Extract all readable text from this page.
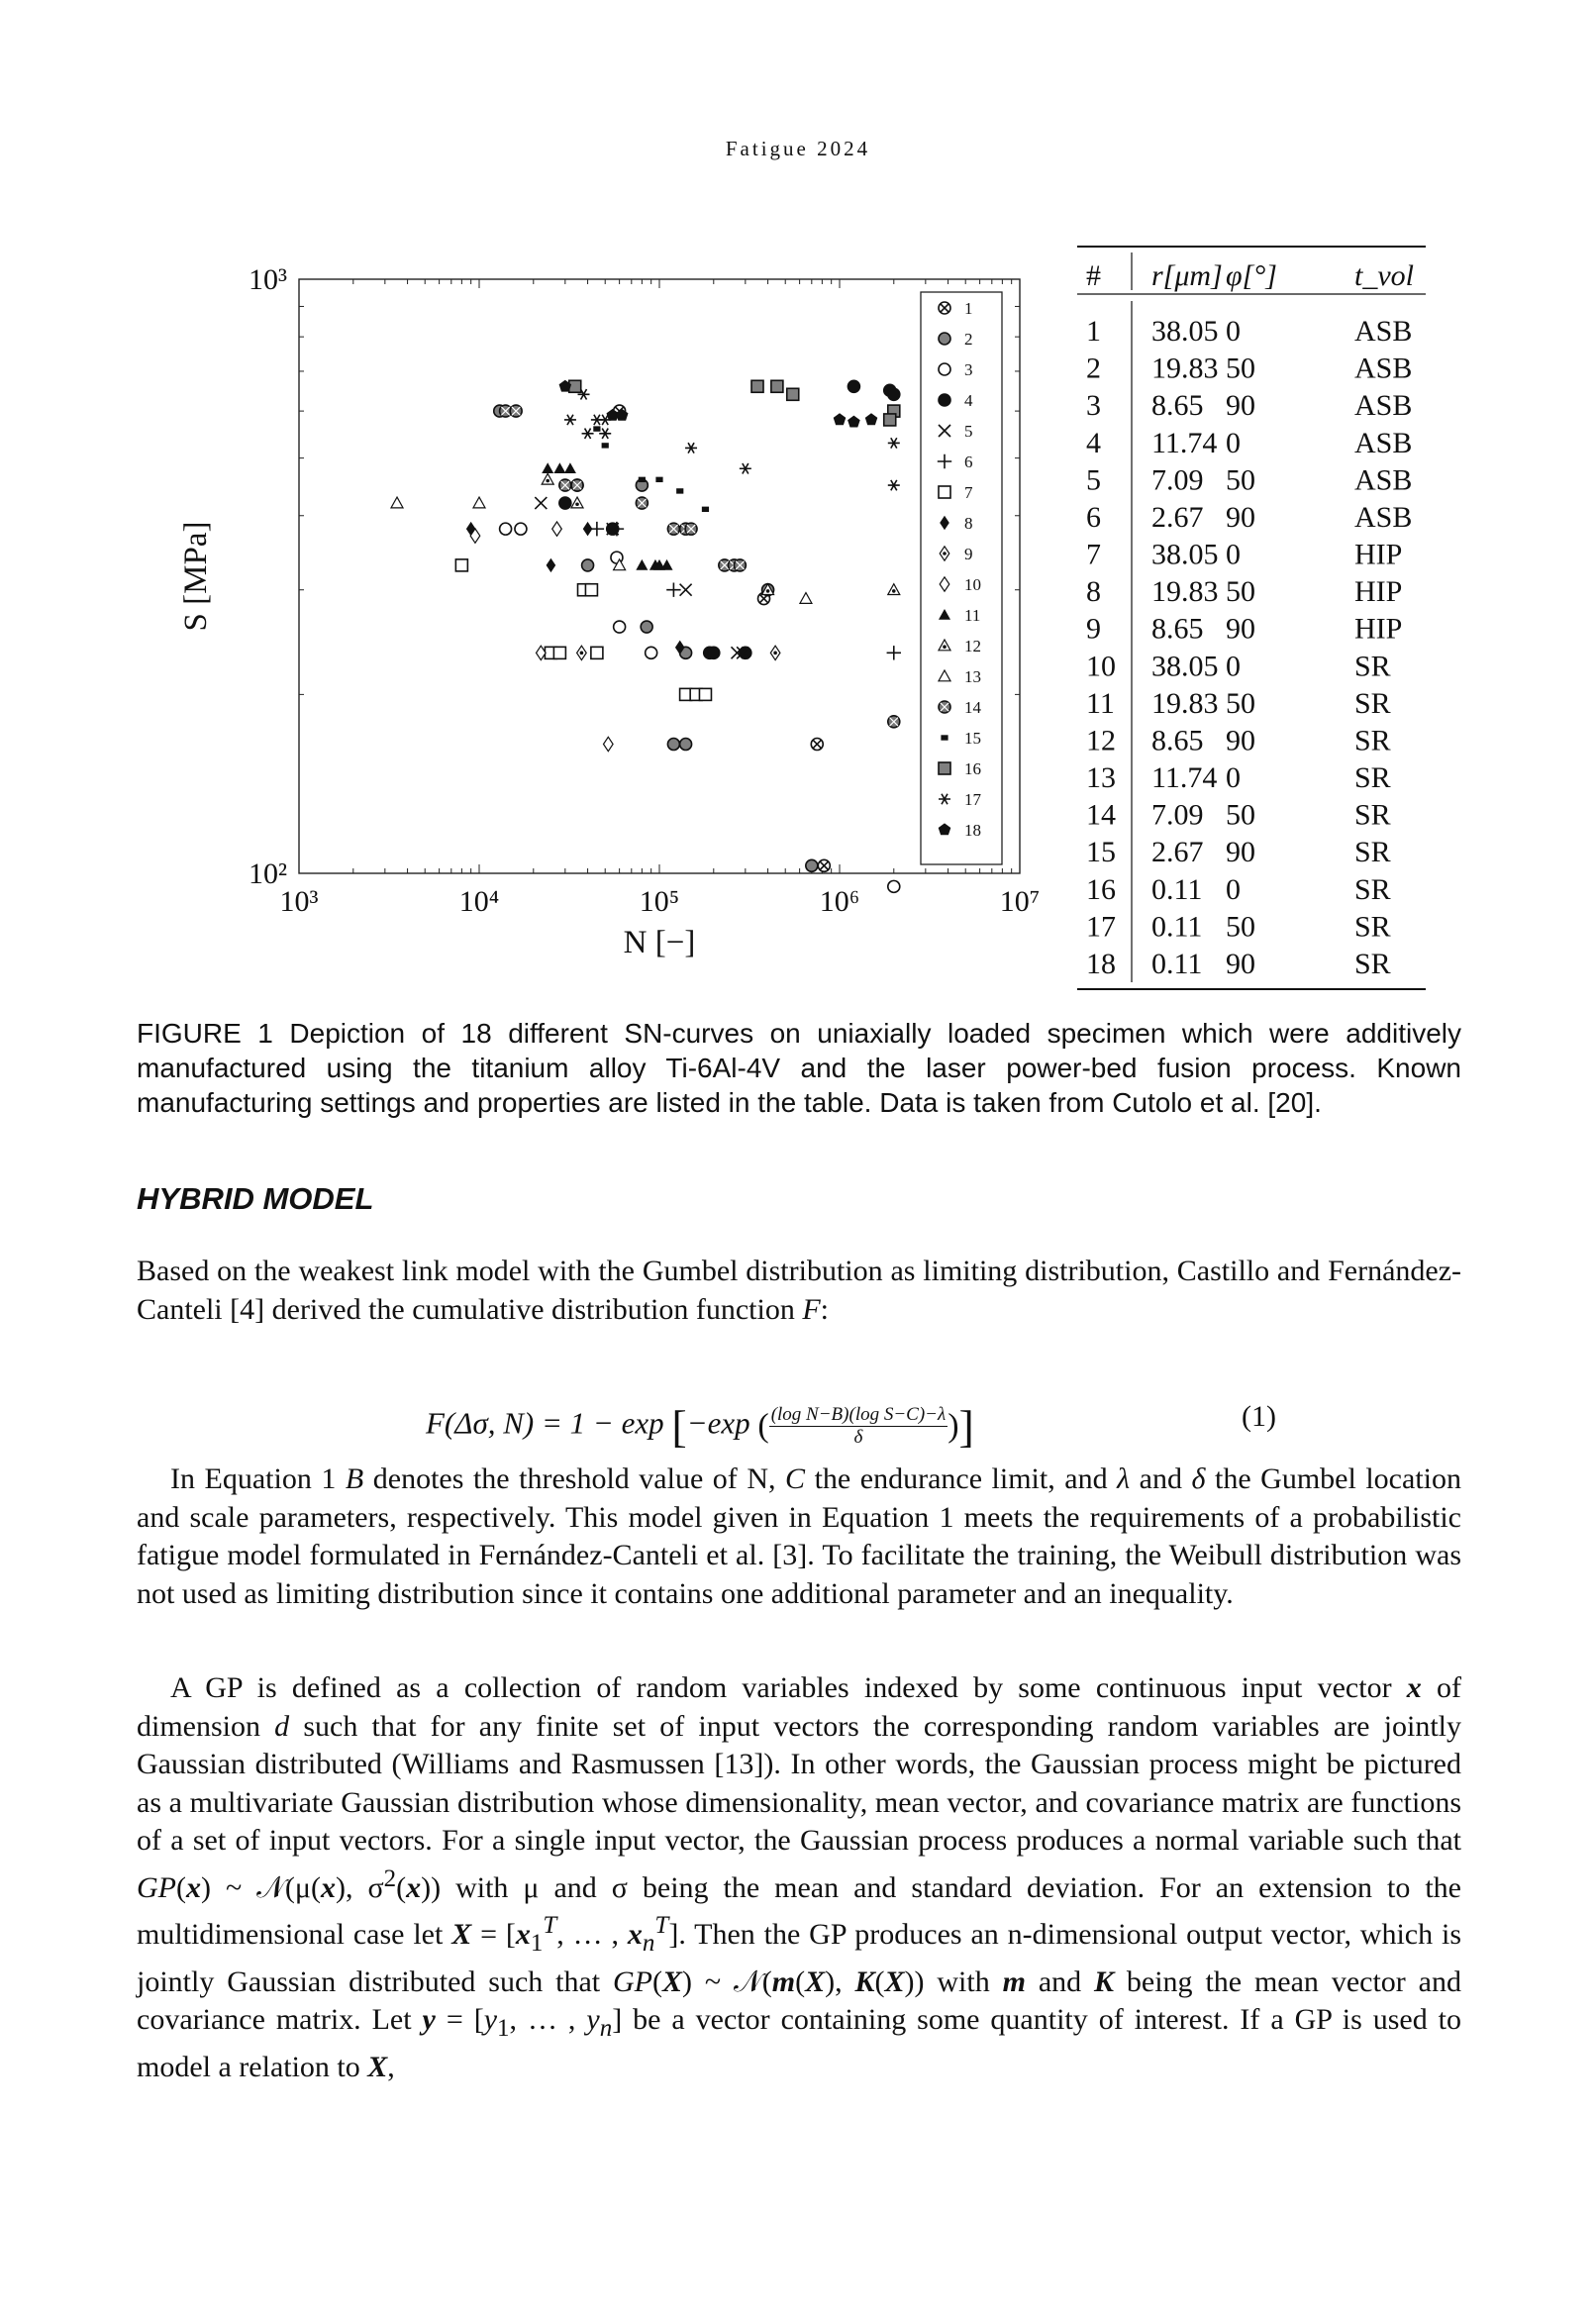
Fatigue 2024
10³	10⁴	10⁵	10⁶	10⁷
10³
10²
N [−]
S [MPa]
1
2
3
4
5
6
7
8
9
10
11
12
13
14
15
16
17
18
# r[μm] φ[°]	t_vol
1 38.05 0	ASB
2 19.83 50	ASB
3 8.65 90	ASB
4 11.74 0	ASB
5 7.09 50	ASB
6 2.67 90	ASB
7 38.05 0	HIP
8 19.83 50	HIP
9 8.65 90	HIP
10 38.05 0	SR
11 19.83 50	SR
12 8.65 90	SR
13 11.74 0	SR
14 7.09 50	SR
15 2.67 90	SR
16 0.11 0	SR
17 0.11 50	SR
18 0.11 90	SR
FIGURE 1 Depiction of 18 different SN-curves on uniaxially loaded specimen which were additively manufactured using the titanium alloy Ti-6Al-4V and the laser power-bed fusion process. Known manufacturing settings and properties are listed in the table. Data is taken from Cutolo et al. [20].
HYBRID MODEL
Based on the weakest link model with the Gumbel distribution as limiting distribution, Castillo and Fernández-Canteli [4] derived the cumulative distribution function F:
F(Δσ, N) = 1 − exp [−exp ( $\frac{\text{(log N−B)(log S−C)−λ}}{\delta}$ )]	(1)
In Equation 1 B denotes the threshold value of N, C the endurance limit, and λ and δ the Gumbel location and scale parameters, respectively. This model given in Equation 1 meets the requirements of a probabilistic fatigue model formulated in Fernández-Canteli et al. [3]. To facilitate the training, the Weibull distribution was not used as limiting distribution since it contains one additional parameter and an inequality.
A GP is defined as a collection of random variables indexed by some continuous input vector x of dimension d such that for any finite set of input vectors the corresponding random variables are jointly Gaussian distributed (Williams and Rasmussen [13]). In other words, the Gaussian process might be pictured as a multivariate Gaussian distribution whose dimensionality, mean vector, and covariance matrix are functions of a set of input vectors. For a single input vector, the Gaussian process produces a normal variable such that GP(x) ~ 𝒩(μ(x), $\sigma^2(x)$) with μ and σ being the mean and standard deviation. For an extension to the multidimensional case let $X = [x_1^T$, … , $x_n^T$]. Then the GP produces an n-dimensional output vector, which is jointly Gaussian distributed such that GP(X) ~ 𝒩(m(X), K(X)) with m and K being the mean vector and covariance matrix. Let $y = [y_1$, … , $y_n$] be a vector containing some quantity of interest. If a GP is used to model a relation to X,
